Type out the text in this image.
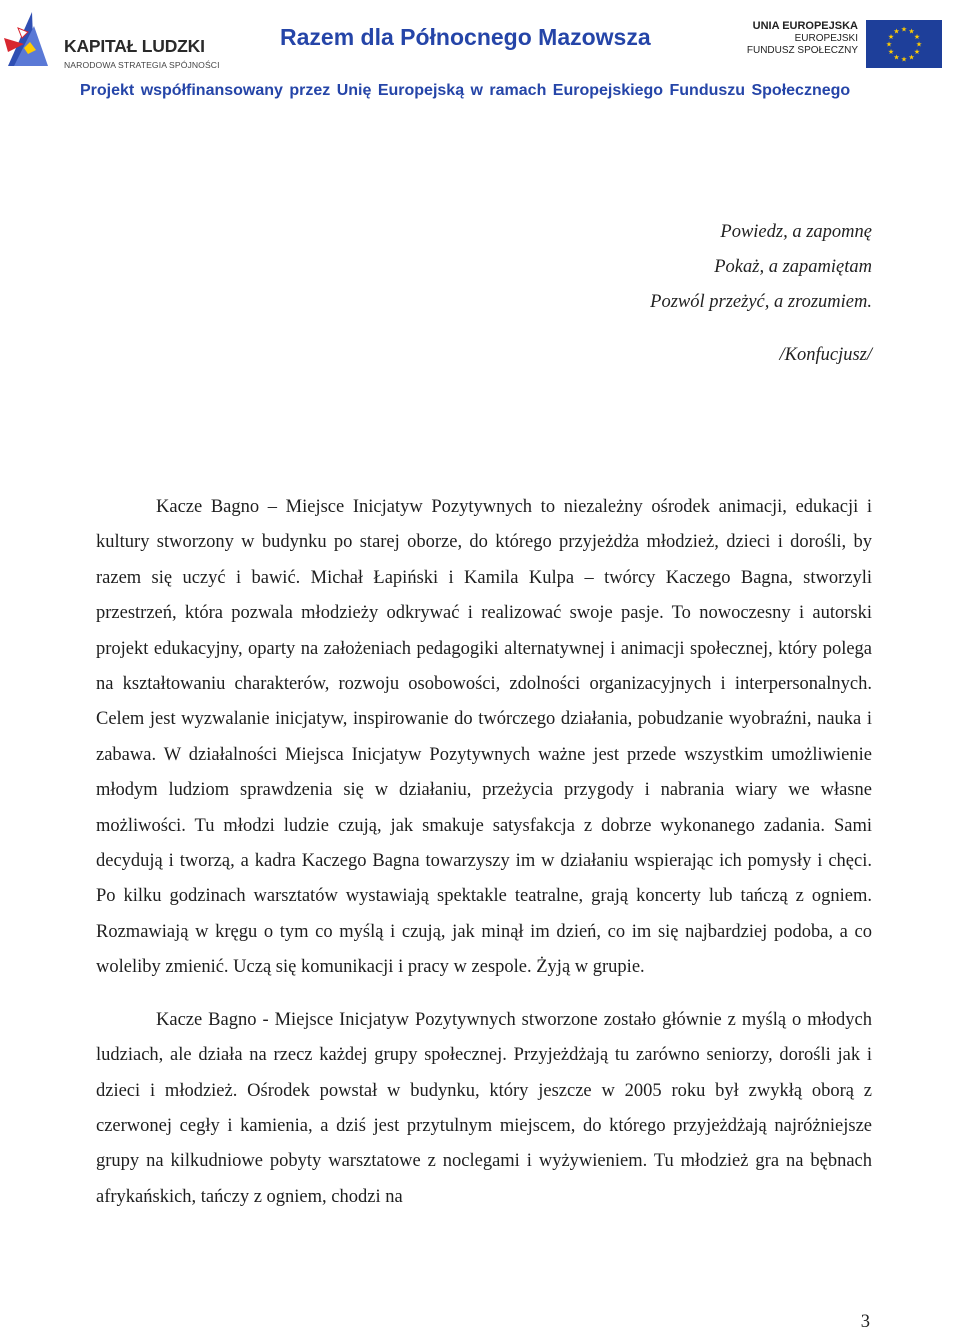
KAPITAŁ LUDZKI
NARODOWA STRATEGIA SPÓJNOŚCI
Razem dla Północnego Mazowsza	UNIA EUROPEJSKA
EUROPEJSKI
FUNDUSZ SPOŁECZNY
★ ★
★
★
★
★
★
★
★
★
★
★
Projekt współfinansowany przez Unię Europejską w ramach Europejskiego Funduszu Społecznego
Powiedz, a zapomnę
Pokaż, a zapamiętam
Pozwól przeżyć, a zrozumiem.
/Konfucjusz/

Kacze Bagno – Miejsce Inicjatyw Pozytywnych to niezależny ośrodek animacji, edukacji i kultury stworzony w budynku po starej oborze, do którego przyjeżdża młodzież, dzieci i dorośli, by razem się uczyć i bawić. Michał Łapiński i Kamila Kulpa – twórcy Kaczego Bagna, stworzyli przestrzeń, która pozwala młodzieży odkrywać i realizować swoje pasje. To nowoczesny i autorski projekt edukacyjny, oparty na założeniach pedagogiki alternatywnej i animacji społecznej, który polega na kształtowaniu charakterów, rozwoju osobowości, zdolności organizacyjnych i interpersonalnych. Celem jest wyzwalanie inicjatyw, inspirowanie do twórczego działania, pobudzanie wyobraźni, nauka i zabawa. W działalności Miejsca Inicjatyw Pozytywnych ważne jest przede wszystkim umożliwienie młodym ludziom sprawdzenia się w działaniu, przeżycia przygody i nabrania wiary we własne możliwości. Tu młodzi ludzie czują, jak smakuje satysfakcja z dobrze wykonanego zadania. Sami decydują i tworzą, a kadra Kaczego Bagna towarzyszy im w działaniu wspierając ich pomysły i chęci. Po kilku godzinach warsztatów wystawiają spektakle teatralne, grają koncerty lub tańczą z ogniem. Rozmawiają w kręgu o tym co myślą i czują, jak minął im dzień, co im się najbardziej podoba, a co woleliby zmienić. Uczą się komunikacji i pracy w zespole. Żyją w grupie.

Kacze Bagno - Miejsce Inicjatyw Pozytywnych stworzone zostało głównie z myślą o młodych ludziach, ale działa na rzecz każdej grupy społecznej. Przyjeżdżają tu zarówno seniorzy, dorośli jak i dzieci i młodzież. Ośrodek powstał w budynku, który jeszcze w 2005 roku był zwykłą oborą z czerwonej cegły i kamienia, a dziś jest przytulnym miejscem, do którego przyjeżdżają najróżniejsze grupy na kilkudniowe pobyty warsztatowe z noclegami i wyżywieniem. Tu młodzież gra na bębnach afrykańskich, tańczy z ogniem, chodzi na

3
